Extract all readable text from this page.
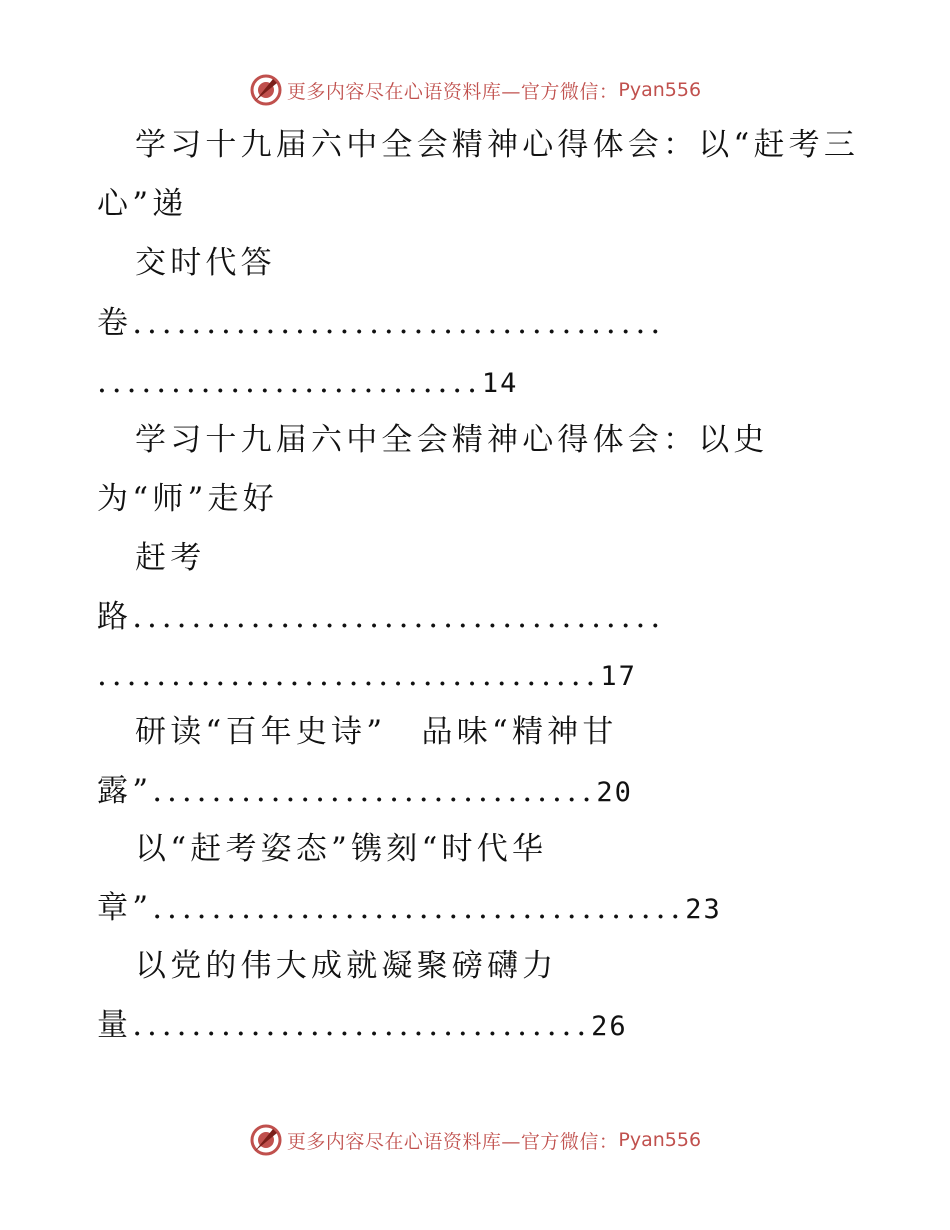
更多内容尽在心语资料库—官方微信： Pyan556
学习十九届六中全会精神心得体会：以“赶考三
心”递
交时代答
卷....................................
..........................14
学习十九届六中全会精神心得体会：以史
为“师”走好
赶考
路....................................
..................................17
研读“百年史诗”　品味“精神甘
露”..............................20
以“赶考姿态”镌刻“时代华
章”....................................23
以党的伟大成就凝聚磅礴力
量...............................26
更多内容尽在心语资料库—官方微信： Pyan556
